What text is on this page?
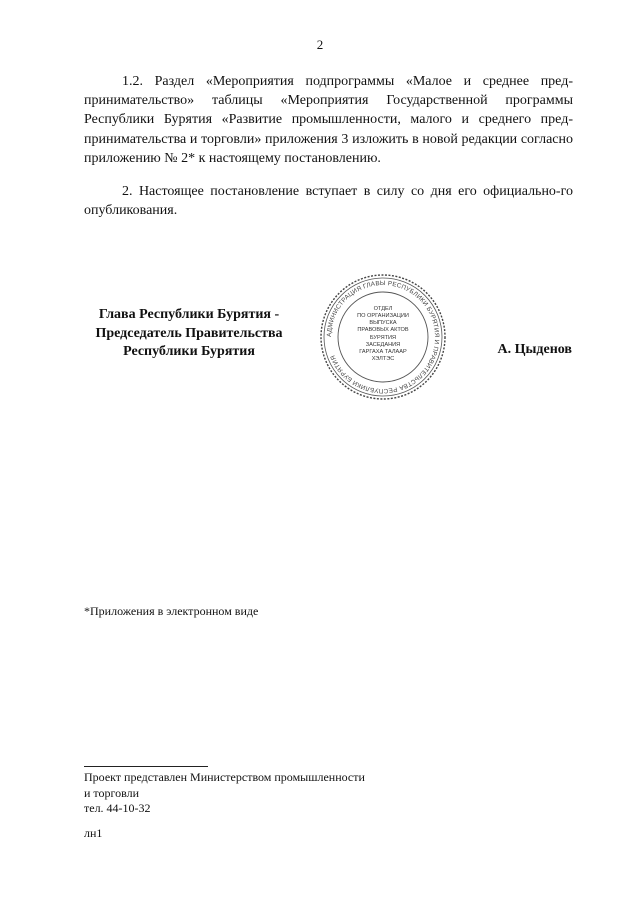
2

1.2. Раздел «Мероприятия подпрограммы «Малое и среднее пред-принимательство» таблицы «Мероприятия Государственной программы Республики Бурятия «Развитие промышленности, малого и среднего пред-принимательства и торговли» приложения 3 изложить в новой редакции согласно приложению № 2* к настоящему постановлению.

2. Настоящее постановление вступает в силу со дня его официально-го опубликования.

Глава Республики Бурятия -
Председатель Правительства
Республики Бурятия
АДМИНИСТРАЦИЯ ГЛАВЫ РЕСПУБЛИКИ БУРЯТИЯ И ПРАВИТЕЛЬСТВА РЕСПУБЛИКИ БУРЯТИЯ
ОТДЕЛ
ПО ОРГАНИЗАЦИИ
ВЫПУСКА
ПРАВОВЫХ АКТОВ
БУРЯТИЯ
ЗАСЕДАНИЯ
ГАРГАХА ТАЛААР
ХЭЛТЭС
А. Цыденов
*Приложения в электронном виде
Проект представлен Министерством промышленности
и торговли
тел. 44-10-32
лн1
